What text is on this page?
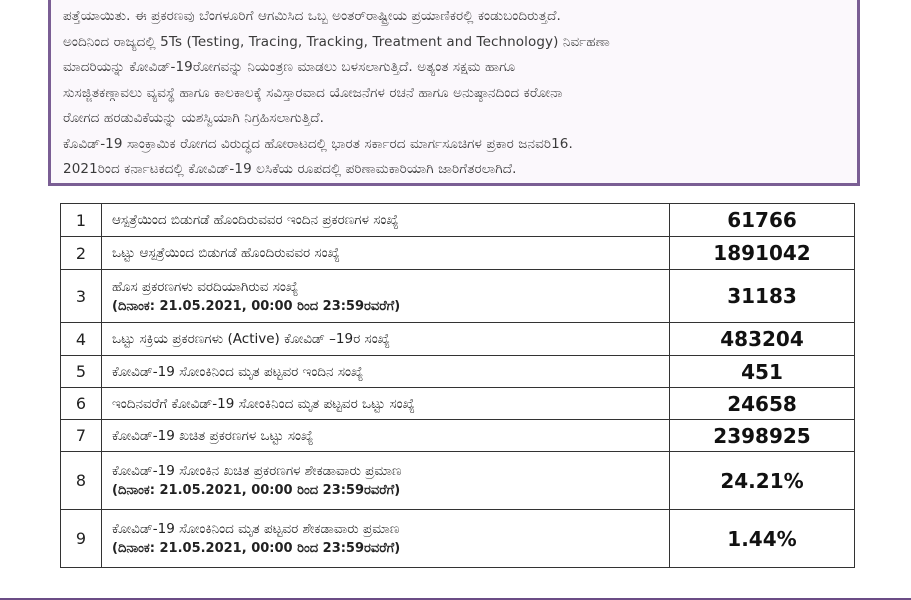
ಪತ್ತೆಯಾಯಿತು. ಈ ಪ್ರಕರಣವು ಬೆಂಗಳೂರಿಗೆ ಆಗಮಿಸಿದ ಒಬ್ಬ ಅಂತರ್‌ರಾಷ್ಟ್ರೀಯ ಪ್ರಯಾಣಿಕರಲ್ಲಿ ಕಂಡುಬಂದಿರುತ್ತದೆ.
ಅಂದಿನಿಂದ ರಾಜ್ಯದಲ್ಲಿ 5Ts (Testing, Tracing, Tracking, Treatment and Technology) ನಿರ್ವಹಣಾ
ಮಾದರಿಯನ್ನು ಕೋವಿಡ್-19ರೋಗವನ್ನು ನಿಯಂತ್ರಣ ಮಾಡಲು ಬಳಸಲಾಗುತ್ತಿದೆ. ಅತ್ಯಂತ ಸಕ್ಷಮ ಹಾಗೂ
ಸುಸಜ್ಜಿತಕಣ್ಗಾವಲು ವ್ಯವಸ್ಥೆ ಹಾಗೂ ಕಾಲಕಾಲಕ್ಕೆ ಸವಿಸ್ತಾರವಾದ ಯೋಜನೆಗಳ ರಚನೆ ಹಾಗೂ ಅನುಷ್ಠಾನದಿಂದ ಕರೋನಾ
ರೋಗದ ಹರಡುವಿಕೆಯನ್ನು ಯಶಸ್ವಿಯಾಗಿ ನಿಗ್ರಹಿಸಲಾಗುತ್ತಿದೆ.
ಕೊವಿಡ್-19 ಸಾಂಕ್ರಾಮಿಕ ರೋಗದ ವಿರುದ್ಧದ ಹೋರಾಟದಲ್ಲಿ ಭಾರತ ಸರ್ಕಾರದ ಮಾರ್ಗಸೂಚಿಗಳ ಪ್ರಕಾರ ಜನವರಿ16.
2021ರಿಂದ ಕರ್ನಾಟಕದಲ್ಲಿ ಕೋವಿಡ್-19 ಲಸಿಕೆಯ ರೂಪದಲ್ಲಿ ಪರಿಣಾಮಕಾರಿಯಾಗಿ ಜಾರಿಗೆತರಲಾಗಿದೆ.
1	ಆಸ್ಪತ್ರೆಯಿಂದ ಬಿಡುಗಡೆ ಹೊಂದಿರುವವರ ಇಂದಿನ ಪ್ರಕರಣಗಳ ಸಂಖ್ಯೆ	61766
2	ಒಟ್ಟು ಆಸ್ಪತ್ರೆಯಿಂದ ಬಿಡುಗಡೆ ಹೊಂದಿರುವವರ ಸಂಖ್ಯೆ	1891042
3	ಹೊಸ ಪ್ರಕರಣಗಳು ವರದಿಯಾಗಿರುವ ಸಂಖ್ಯೆ
(ದಿನಾಂಕ: 21.05.2021, 00:00 ರಿಂದ 23:59ರವರೆಗೆ)	31183
4	ಒಟ್ಟು ಸಕ್ರಿಯ ಪ್ರಕರಣಗಳು (Active) ಕೋವಿಡ್ –19ರ ಸಂಖ್ಯೆ	483204
5	ಕೋವಿಡ್-19 ಸೋಂಕಿನಿಂದ ಮೃತ ಪಟ್ಟವರ ಇಂದಿನ ಸಂಖ್ಯೆ	451
6	ಇಂದಿನವರೆಗೆ ಕೋವಿಡ್-19 ಸೋಂಕಿನಿಂದ ಮೃತ ಪಟ್ಟವರ ಒಟ್ಟು ಸಂಖ್ಯೆ	24658
7	ಕೋವಿಡ್-19 ಖಚಿತ ಪ್ರಕರಣಗಳ ಒಟ್ಟು ಸಂಖ್ಯೆ	2398925
8	ಕೋವಿಡ್-19 ಸೋಂಕಿನ ಖಚಿತ ಪ್ರಕರಣಗಳ ಶೇಕಡಾವಾರು ಪ್ರಮಾಣ
(ದಿನಾಂಕ: 21.05.2021, 00:00 ರಿಂದ 23:59ರವರೆಗೆ)	24.21%
9	ಕೋವಿಡ್-19 ಸೋಂಕಿನಿಂದ ಮೃತ ಪಟ್ಟವರ ಶೇಕಡಾವಾರು ಪ್ರಮಾಣ
(ದಿನಾಂಕ: 21.05.2021, 00:00 ರಿಂದ 23:59ರವರೆಗೆ)	1.44%
